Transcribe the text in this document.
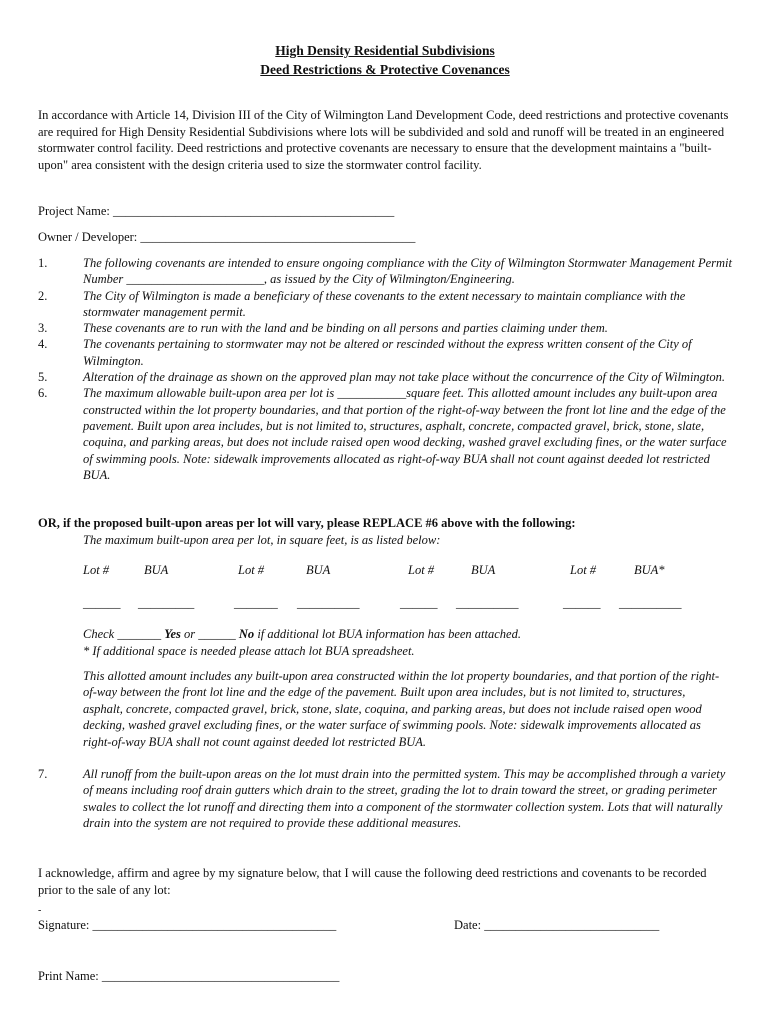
High Density Residential Subdivisions
Deed Restrictions & Protective Covenances
In accordance with Article 14, Division III of the City of Wilmington Land Development Code, deed restrictions and protective covenants are required for High Density Residential Subdivisions where lots will be subdivided and sold and runoff will be treated in an engineered stormwater control facility. Deed restrictions and protective covenants are necessary to ensure that the development maintains a "built-upon" area consistent with the design criteria used to size the stormwater control facility.
Project Name: _____________________________________________
Owner / Developer: ____________________________________________
1.	The following covenants are intended to ensure ongoing compliance with the City of Wilmington Stormwater Management Permit Number ______________________, as issued by the City of Wilmington/Engineering.
2.	The City of Wilmington is made a beneficiary of these covenants to the extent necessary to maintain compliance with the stormwater management permit.
3.	These covenants are to run with the land and be binding on all persons and parties claiming under them.
4.	The covenants pertaining to stormwater may not be altered or rescinded without the express written consent of the City of Wilmington.
5.	Alteration of the drainage as shown on the approved plan may not take place without the concurrence of the City of Wilmington.
6.	The maximum allowable built-upon area per lot is ___________square feet. This allotted amount includes any built-upon area constructed within the lot property boundaries, and that portion of the right-of-way between the front lot line and the edge of the pavement. Built upon area includes, but is not limited to, structures, asphalt, concrete, compacted gravel, brick, stone, slate, coquina, and parking areas, but does not include raised open wood decking, washed gravel excluding fines, or the water surface of swimming pools. Note: sidewalk improvements allocated as right-of-way BUA shall not count against deeded lot restricted BUA.
OR, if the proposed built-upon areas per lot will vary, please REPLACE #6 above with the following:
The maximum built-upon area per lot, in square feet, is as listed below:
Lot #	BUA	Lot #	BUA	Lot #	BUA	Lot #	BUA*
______ _________	_______ __________	______ __________	______ __________
Check _______ Yes or ______ No if additional lot BUA information has been attached.
* If additional space is needed please attach lot BUA spreadsheet.
This allotted amount includes any built-upon area constructed within the lot property boundaries, and that portion of the right-of-way between the front lot line and the edge of the pavement. Built upon area includes, but is not limited to, structures, asphalt, concrete, compacted gravel, brick, stone, slate, coquina, and parking areas, but does not include raised open wood decking, washed gravel excluding fines, or the water surface of swimming pools. Note: sidewalk improvements allocated as right-of-way BUA shall not count against deeded lot restricted BUA.
7.	All runoff from the built-upon areas on the lot must drain into the permitted system. This may be accomplished through a variety of means including roof drain gutters which drain to the street, grading the lot to drain toward the street, or grading perimeter swales to collect the lot runoff and directing them into a component of the stormwater collection system. Lots that will naturally drain into the system are not required to provide these additional measures.
I acknowledge, affirm and agree by my signature below, that I will cause the following deed restrictions and covenants to be recorded prior to the sale of any lot:
-
Signature: _______________________________________	Date: ____________________________
Print Name: ______________________________________
